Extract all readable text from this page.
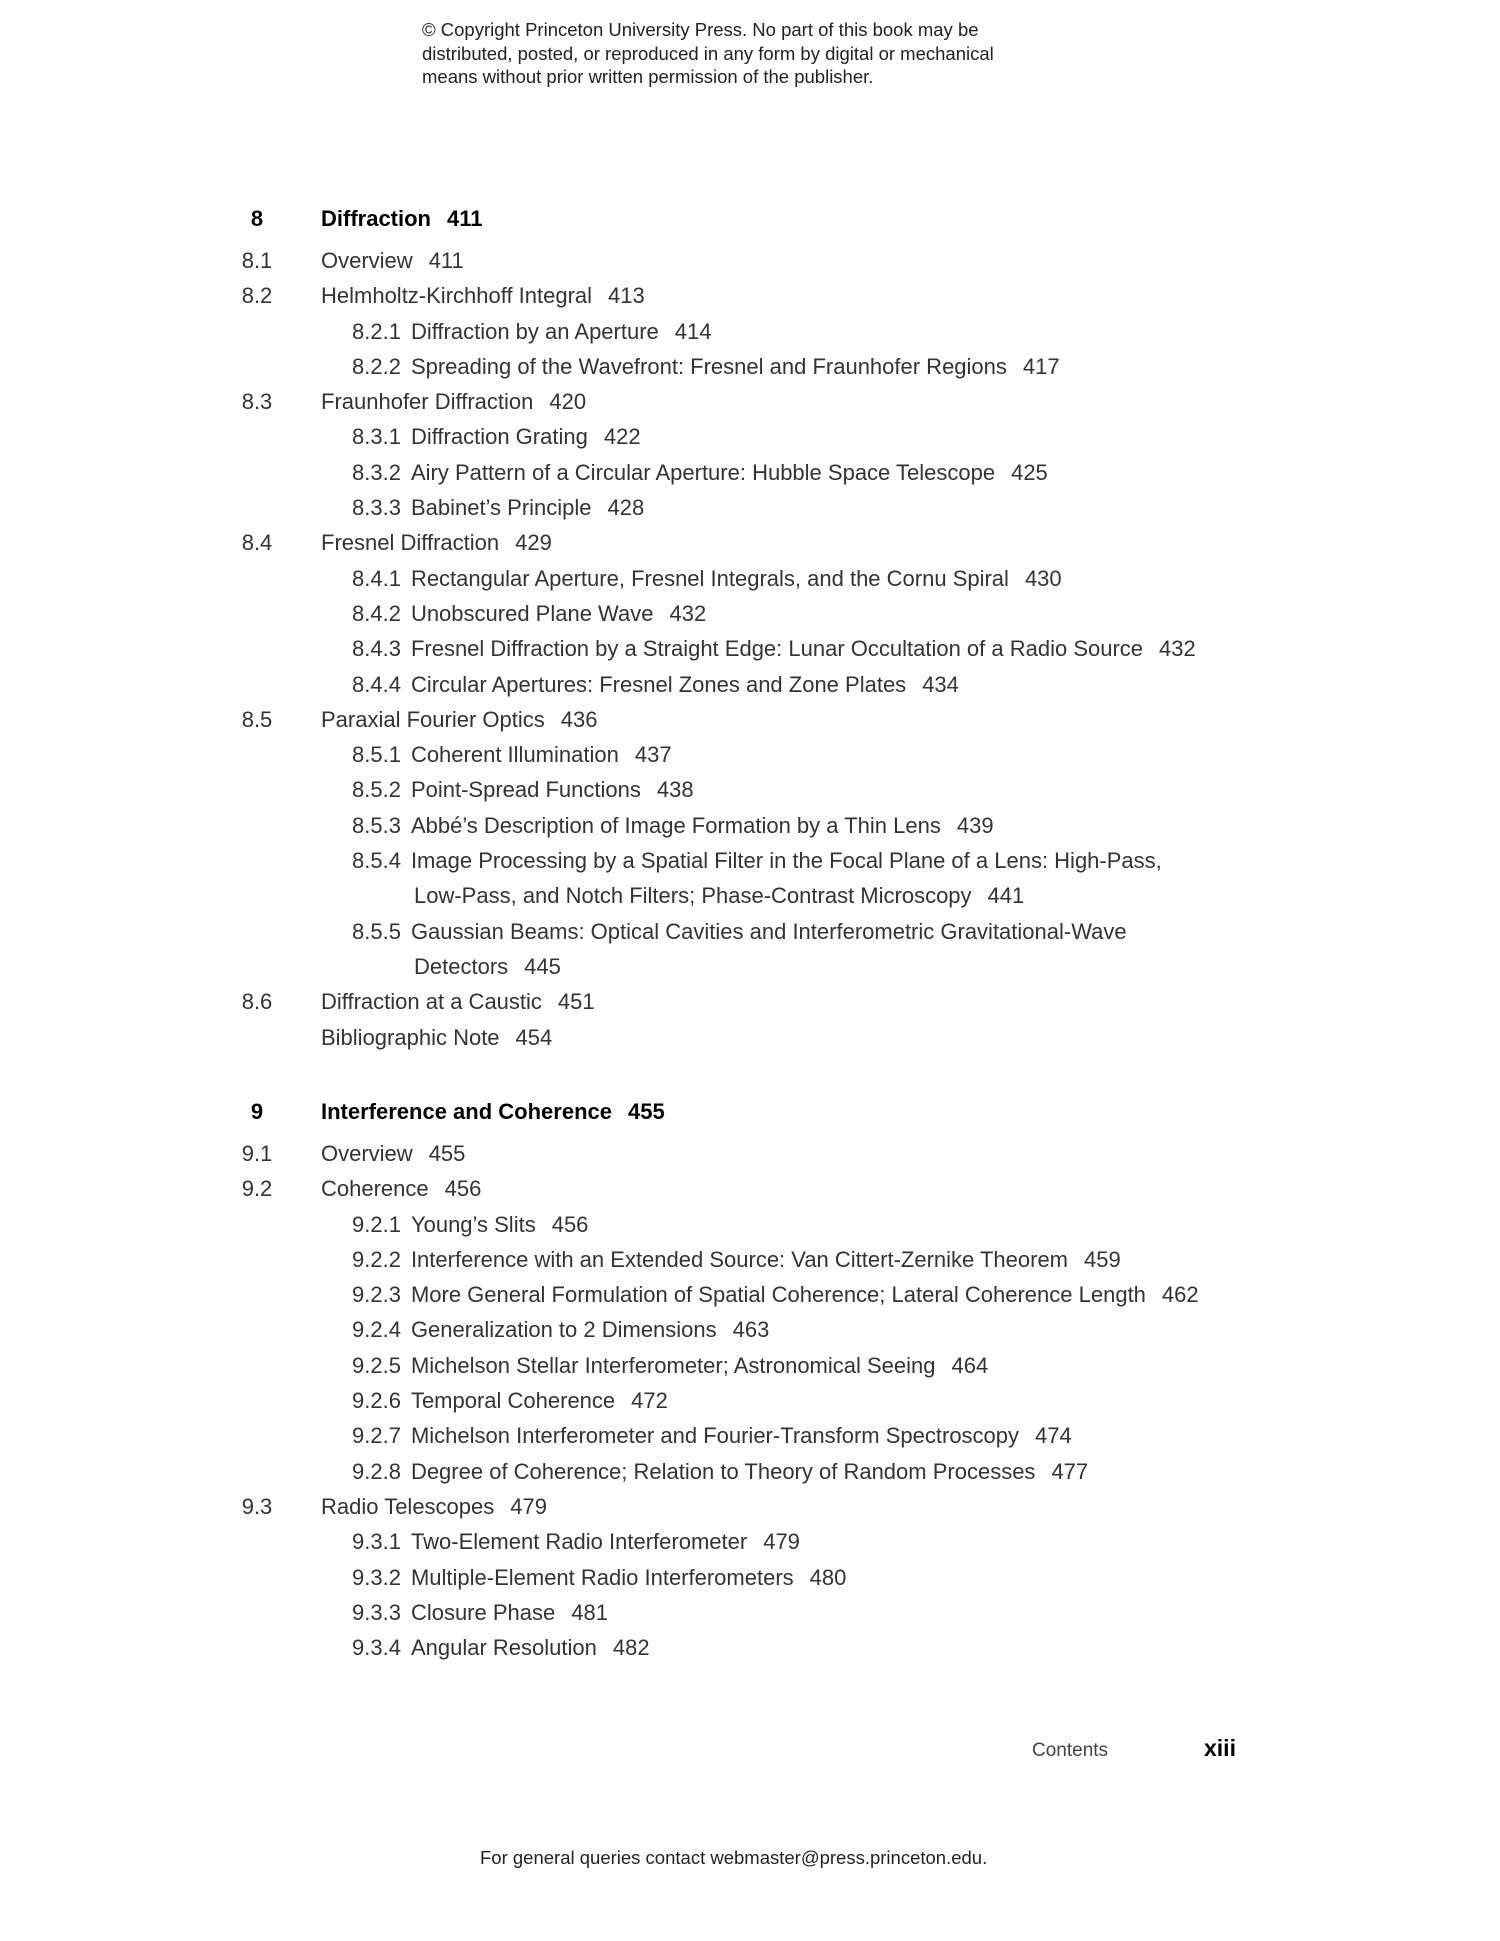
© Copyright Princeton University Press. No part of this book may be
distributed, posted, or reproduced in any form by digital or mechanical
means without prior written permission of the publisher.
8	Diffraction 411
8.1	Overview 411
8.2	Helmholtz-Kirchhoff Integral 413
8.2.1 Diffraction by an Aperture 414
8.2.2 Spreading of the Wavefront: Fresnel and Fraunhofer Regions 417
8.3	Fraunhofer Diffraction 420
8.3.1 Diffraction Grating 422
8.3.2 Airy Pattern of a Circular Aperture: Hubble Space Telescope 425
8.3.3 Babinet’s Principle 428
8.4	Fresnel Diffraction 429
8.4.1 Rectangular Aperture, Fresnel Integrals, and the Cornu Spiral 430
8.4.2 Unobscured Plane Wave 432
8.4.3 Fresnel Diffraction by a Straight Edge: Lunar Occultation of a Radio Source 432
8.4.4 Circular Apertures: Fresnel Zones and Zone Plates 434
8.5	Paraxial Fourier Optics 436
8.5.1 Coherent Illumination 437
8.5.2 Point-Spread Functions 438
8.5.3 Abbé’s Description of Image Formation by a Thin Lens 439
8.5.4 Image Processing by a Spatial Filter in the Focal Plane of a Lens: High-Pass,
Low-Pass, and Notch Filters; Phase-Contrast Microscopy 441
8.5.5 Gaussian Beams: Optical Cavities and Interferometric Gravitational-Wave
Detectors 445
8.6	Diffraction at a Caustic 451
Bibliographic Note 454
9	Interference and Coherence 455
9.1	Overview 455
9.2	Coherence 456
9.2.1 Young’s Slits 456
9.2.2 Interference with an Extended Source: Van Cittert-Zernike Theorem 459
9.2.3 More General Formulation of Spatial Coherence; Lateral Coherence Length 462
9.2.4 Generalization to 2 Dimensions 463
9.2.5 Michelson Stellar Interferometer; Astronomical Seeing 464
9.2.6 Temporal Coherence 472
9.2.7 Michelson Interferometer and Fourier-Transform Spectroscopy 474
9.2.8 Degree of Coherence; Relation to Theory of Random Processes 477
9.3	Radio Telescopes 479
9.3.1 Two-Element Radio Interferometer 479
9.3.2 Multiple-Element Radio Interferometers 480
9.3.3 Closure Phase 481
9.3.4 Angular Resolution 482
Contents	xiii
For general queries contact webmaster@press.princeton.edu.
